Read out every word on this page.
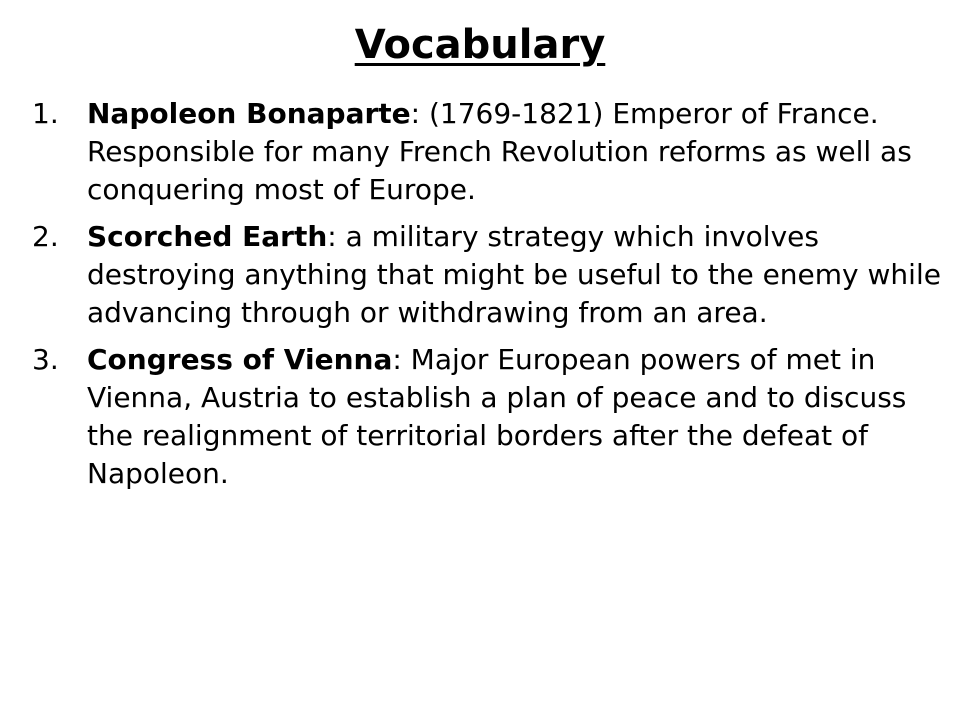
Vocabulary
1. Napoleon Bonaparte: (1769-1821) Emperor of France. Responsible for many French Revolution reforms as well as conquering most of Europe.
2. Scorched Earth: a military strategy which involves destroying anything that might be useful to the enemy while advancing through or withdrawing from an area.
3. Congress of Vienna: Major European powers of met in Vienna, Austria to establish a plan of peace and to discuss the realignment of territorial borders after the defeat of Napoleon.
